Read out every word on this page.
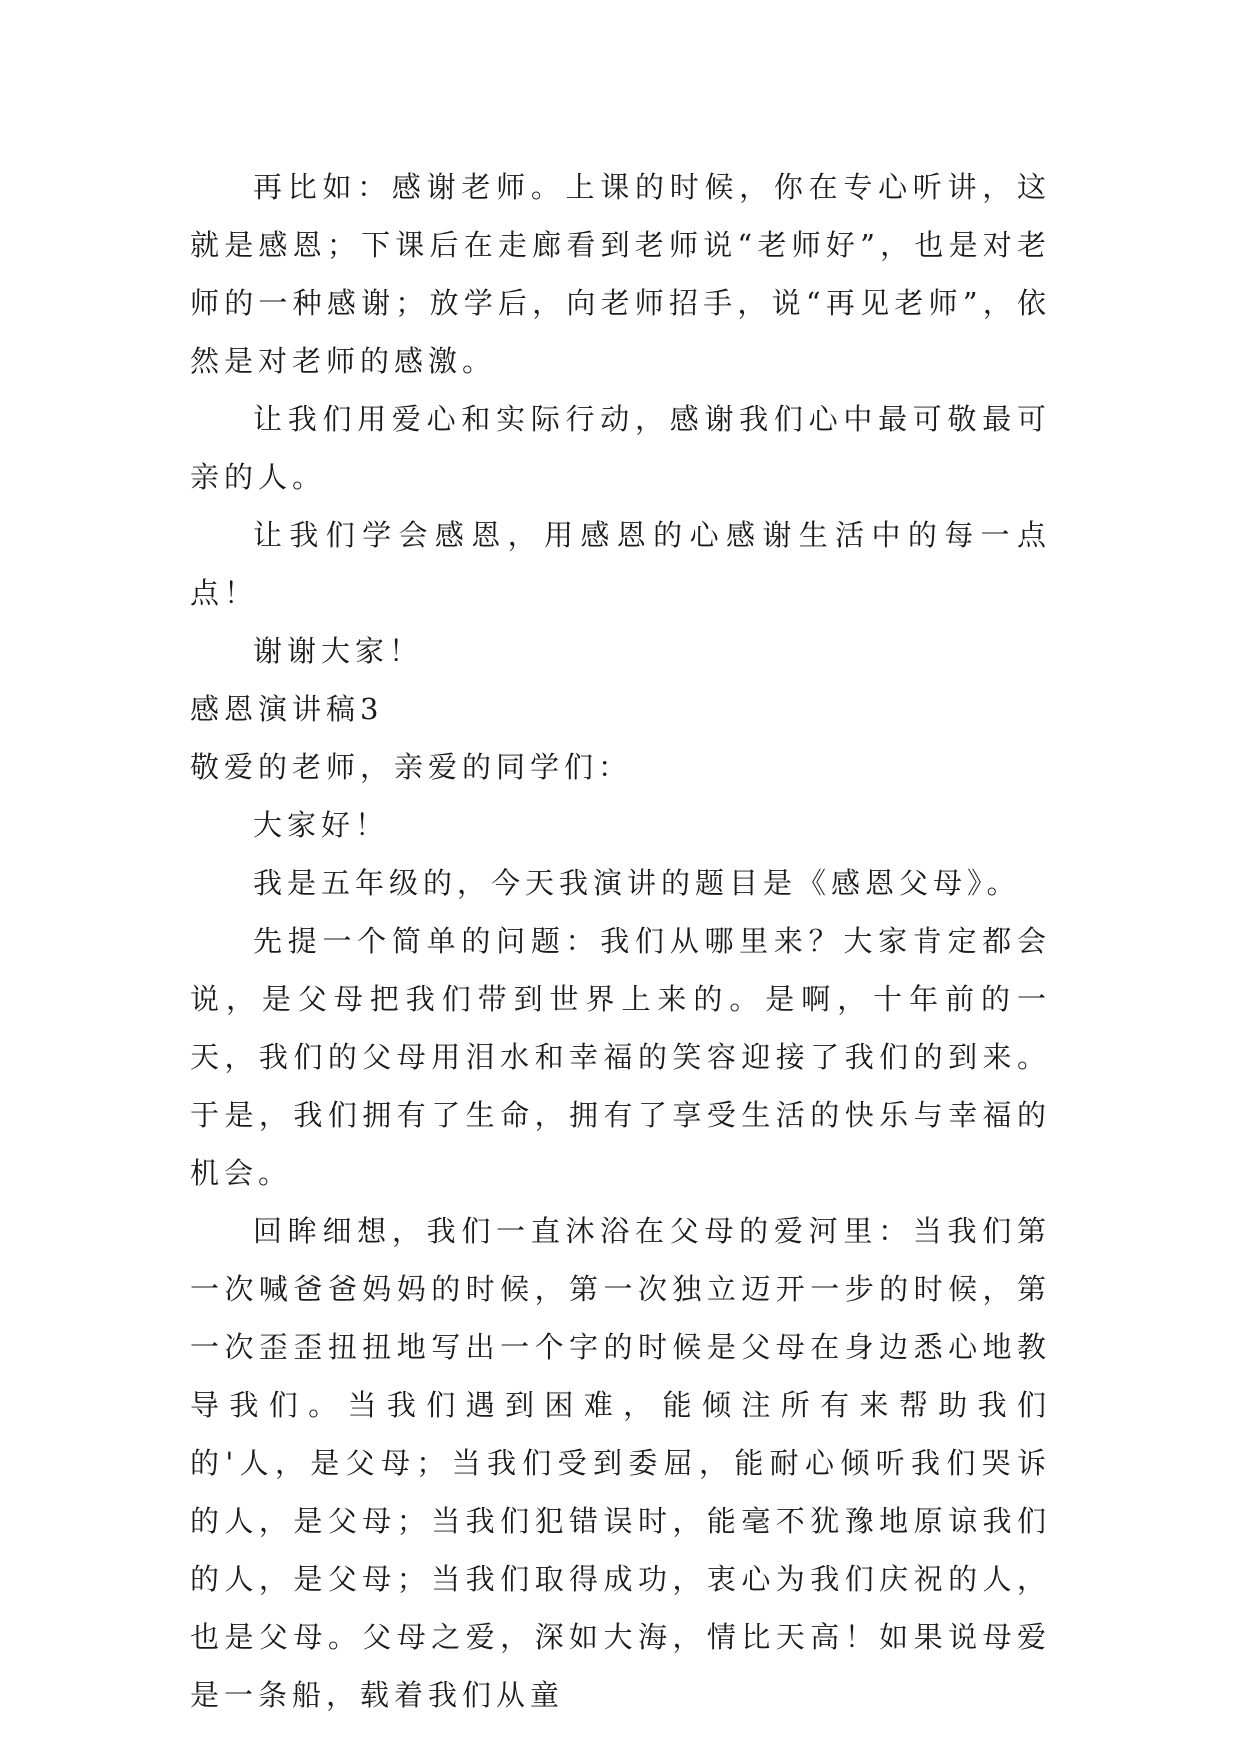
再比如：感谢老师。上课的时候，你在专心听讲，这就是感恩；下课后在走廊看到老师说“老师好”，也是对老师的一种感谢；放学后，向老师招手，说“再见老师”，依然是对老师的感激。

让我们用爱心和实际行动，感谢我们心中最可敬最可亲的人。

让我们学会感恩，用感恩的心感谢生活中的每一点点！

谢谢大家！

感恩演讲稿3

敬爱的老师，亲爱的同学们：

大家好！

我是五年级的，今天我演讲的题目是《感恩父母》。

先提一个简单的问题：我们从哪里来？大家肯定都会说，是父母把我们带到世界上来的。是啊，十年前的一天，我们的父母用泪水和幸福的笑容迎接了我们的到来。于是，我们拥有了生命，拥有了享受生活的快乐与幸福的机会。

回眸细想，我们一直沐浴在父母的爱河里：当我们第一次喊爸爸妈妈的时候，第一次独立迈开一步的时候，第一次歪歪扭扭地写出一个字的时候是父母在身边悉心地教导我们。当我们遇到困难，能倾注所有来帮助我们的'人，是父母；当我们受到委屈，能耐心倾听我们哭诉的人，是父母；当我们犯错误时，能毫不犹豫地原谅我们的人，是父母；当我们取得成功，衷心为我们庆祝的人，也是父母。父母之爱，深如大海，情比天高！如果说母爱是一条船，载着我们从童
